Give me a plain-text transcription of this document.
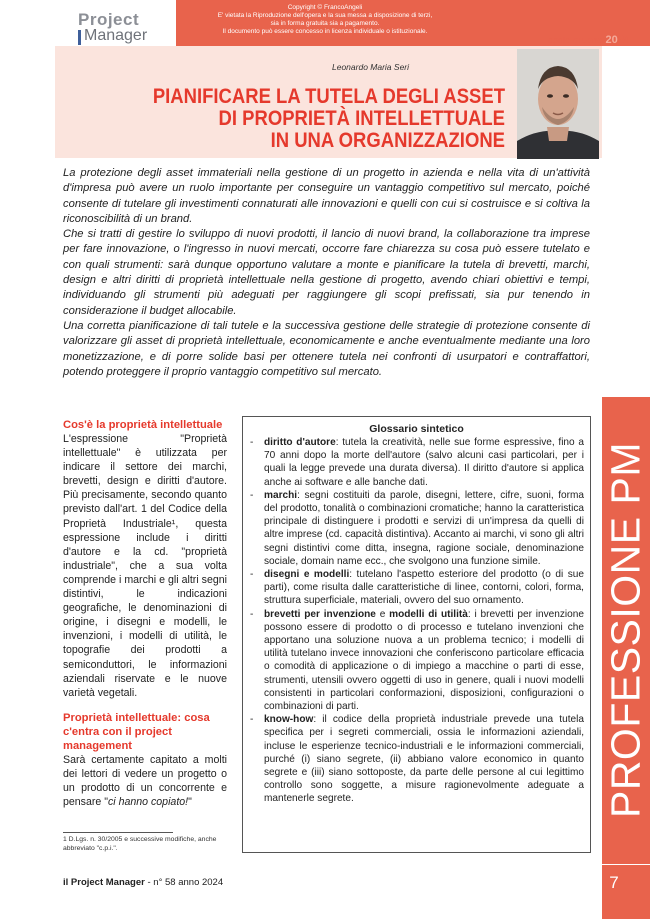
Project
Manager
Copyright © FrancoAngeli
E' vietata la Riproduzione dell'opera e la sua messa a disposizione di terzi,
sia in forma gratuita sia a pagamento.
Il documento può essere concesso in licenza individuale o istituzionale.
aprile-giugno 2024
Leonardo Maria Seri
PIANIFICARE LA TUTELA DEGLI ASSET
DI PROPRIETÀ INTELLETTUALE
IN UNA ORGANIZZAZIONE

La protezione degli asset immateriali nella gestione di un progetto in azienda e nella vita di un'attività d'impresa può avere un ruolo importante per conseguire un vantaggio competitivo sul mercato, poiché consente di tutelare gli investimenti connaturati alle innovazioni e quelli con cui si costruisce e si coltiva la riconoscibilità di un brand.

Che si tratti di gestire lo sviluppo di nuovi prodotti, il lancio di nuovi brand, la collaborazione tra imprese per fare innovazione, o l'ingresso in nuovi mercati, occorre fare chiarezza su cosa può essere tutelato e con quali strumenti: sarà dunque opportuno valutare a monte e pianificare la tutela di brevetti, marchi, design e altri diritti di proprietà intellettuale nella gestione di progetto, avendo chiari obiettivi e tempi, individuando gli strumenti più adeguati per raggiungere gli scopi prefissati, sia pur tenendo in considerazione il budget allocabile.

Una corretta pianificazione di tali tutele e la successiva gestione delle strategie di protezione consente di valorizzare gli asset di proprietà intellettuale, economicamente e anche eventualmente mediante una loro monetizzazione, e di porre solide basi per ottenere tutela nei confronti di usurpatori e contraffattori, potendo proteggere il proprio vantaggio competitivo sul mercato.

Cos'è la proprietà intellettuale

L'espressione "Proprietà intellettuale" è utilizzata per indicare il settore dei marchi, brevetti, design e diritti d'autore. Più precisamente, secondo quanto previsto dall'art. 1 del Codice della Proprietà Industriale¹, questa espressione include i diritti d'autore e la cd. "proprietà industriale", che a sua volta comprende i marchi e gli altri segni distintivi, le indicazioni geografiche, le denominazioni di origine, i disegni e modelli, le invenzioni, i modelli di utilità, le topografie dei prodotti a semiconduttori, le informazioni aziendali riservate e le nuove varietà vegetali.

Proprietà intellettuale: cosa c'entra con il project management

Sarà certamente capitato a molti dei lettori di vedere un progetto o un prodotto di un concorrente e pensare "ci hanno copiato!"

1 D.Lgs. n. 30/2005 e successive modifiche, anche abbreviato "c.p.i.".
Glossario sintetico

- diritto d'autore: tutela la creatività, nelle sue forme espressive, fino a 70 anni dopo la morte dell'autore (salvo alcuni casi particolari, per i quali la legge prevede una durata diversa). Il diritto d'autore si applica anche ai software e alle banche dati.

- marchi: segni costituiti da parole, disegni, lettere, cifre, suoni, forma del prodotto, tonalità o combinazioni cromatiche; hanno la caratteristica principale di distinguere i prodotti e servizi di un'impresa da quelli di altre imprese (cd. capacità distintiva). Accanto ai marchi, vi sono gli altri segni distintivi come ditta, insegna, ragione sociale, denominazione sociale, domain name ecc., che svolgono una funzione simile.

- disegni e modelli: tutelano l'aspetto esteriore del prodotto (o di sue parti), come risulta dalle caratteristiche di linee, contorni, colori, forma, struttura superficiale, materiali, ovvero del suo ornamento.

- brevetti per invenzione e modelli di utilità: i brevetti per invenzione possono essere di prodotto o di processo e tutelano invenzioni che apportano una soluzione nuova a un problema tecnico; i modelli di utilità tutelano invece innovazioni che conferiscono particolare efficacia o comodità di applicazione o di impiego a macchine o parti di esse, strumenti, utensili ovvero oggetti di uso in genere, quali i nuovi modelli consistenti in particolari conformazioni, disposizioni, configurazioni o combinazioni di parti.

- know-how: il codice della proprietà industriale prevede una tutela specifica per i segreti commerciali, ossia le informazioni aziendali, incluse le esperienze tecnico-industriali e le informazioni commerciali, purché (i) siano segrete, (ii) abbiano valore economico in quanto segrete e (iii) siano sottoposte, da parte delle persone al cui legittimo controllo sono soggette, a misure ragionevolmente adeguate a mantenerle segrete.	PROFESSIONE PM
7
il Project Manager - n° 58 anno 2024
